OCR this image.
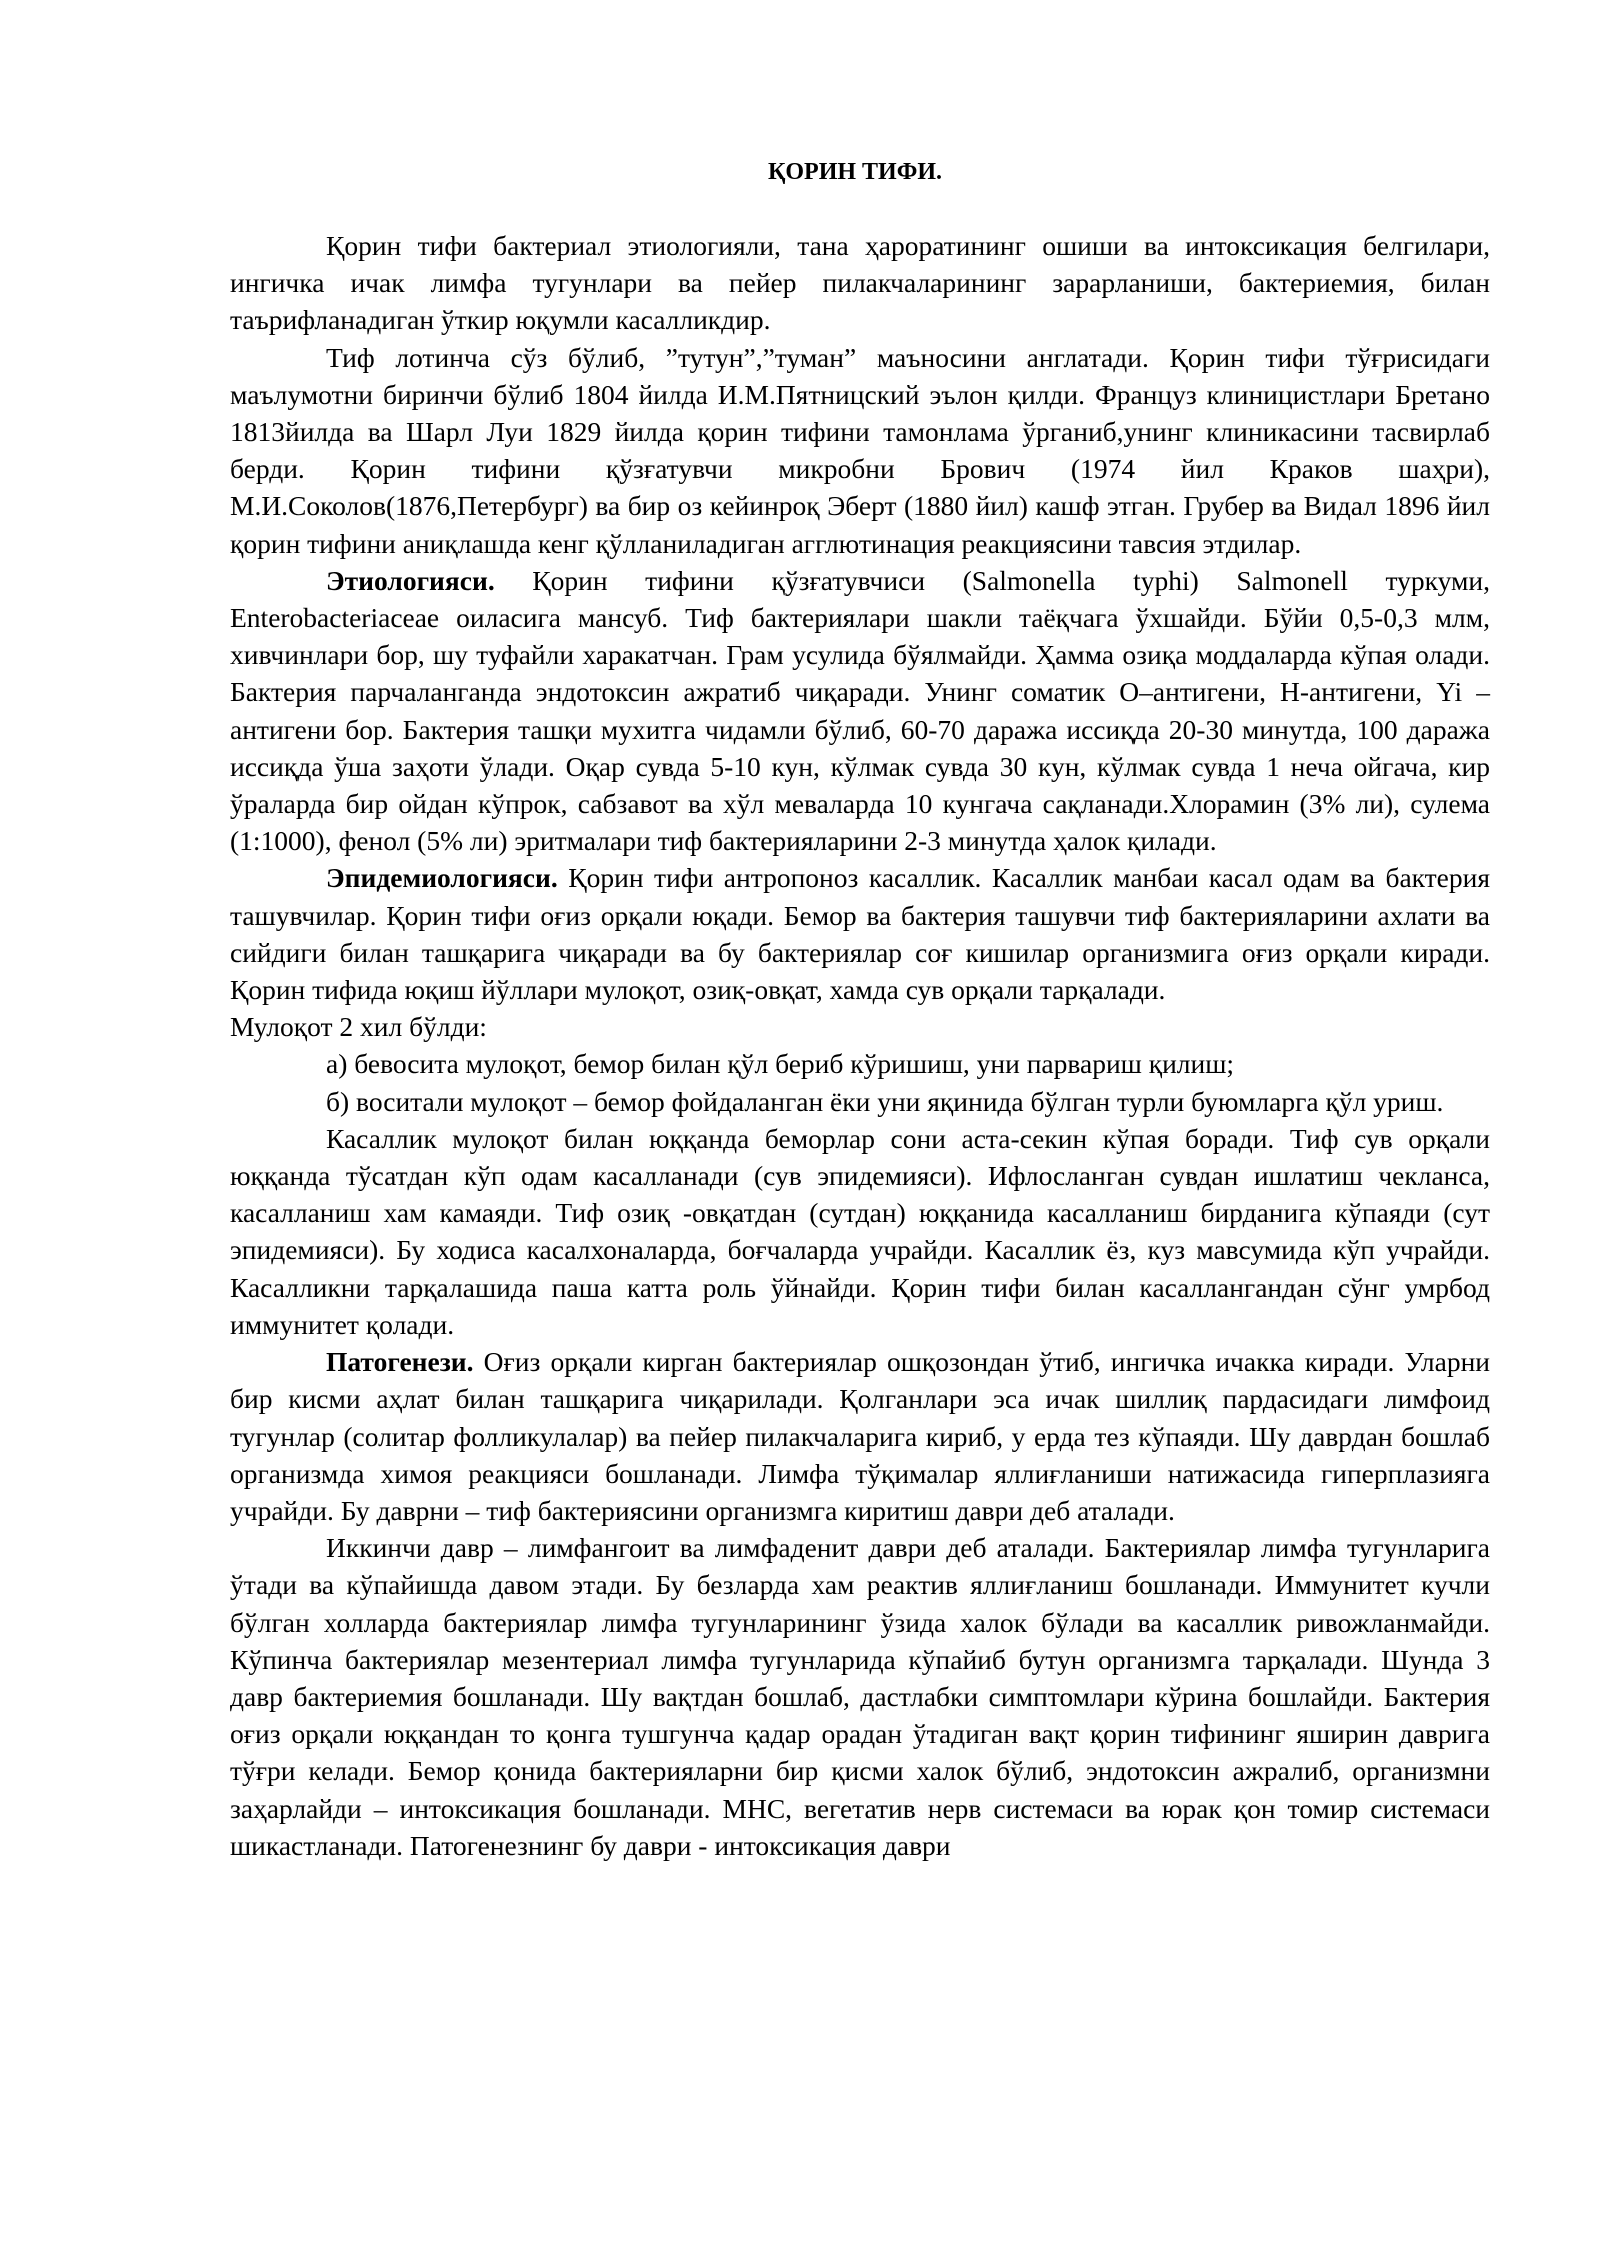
ҚОРИН ТИФИ.

Қорин тифи бактериал этиологияли, тана ҳароратининг ошиши ва интоксикация белгилари, ингичка ичак лимфа тугунлари ва пейер пилакчаларининг зарарланиши, бактериемия, билан таърифланадиган ўткир юқумли касалликдир.

Тиф лотинча сўз бўлиб, ”тутун”,”туман” маъносини англатади. Қорин тифи тўғрисидаги маълумотни биринчи бўлиб 1804 йилда И.М.Пятницский эълон қилди. Француз клиницистлари Бретано 1813йилда ва Шарл Луи 1829 йилда қорин тифини тамонлама ўрганиб,унинг клиникасини тасвирлаб берди. Қорин тифини қўзғатувчи микробни Брович (1974 йил Краков шаҳри), М.И.Соколов(1876,Петербург) ва бир оз кейинроқ Эберт (1880 йил) кашф этган. Грубер ва Видал 1896 йил қорин тифини аниқлашда кенг қўлланиладиган агглютинация реакциясини тавсия этдилар.

Этиологияси. Қорин тифини қўзғатувчиси (Salmonella typhi) Salmonell туркуми, Enterobacteriaceae оиласига мансуб. Тиф бактериялари шакли таёқчага ўхшайди. Бўйи 0,5-0,3 млм, хивчинлари бор, шу туфайли харакатчан. Грам усулида бўялмайди. Ҳамма озиқа моддаларда кўпая олади. Бактерия парчаланганда эндотоксин ажратиб чиқаради. Унинг соматик О–антигени, Н-антигени, Yi – антигени бор. Бактерия ташқи мухитга чидамли бўлиб, 60-70 даража иссиқда 20-30 минутда, 100 даража иссиқда ўша заҳоти ўлади. Оқар сувда 5-10 кун, кўлмак сувда 30 кун, кўлмак сувда 1 неча ойгача, кир ўраларда бир ойдан кўпрок, сабзавот ва хўл меваларда 10 кунгача сақланади.Хлорамин (3% ли), сулема (1:1000), фенол (5% ли) эритмалари тиф бактерияларини 2-3 минутда ҳалок қилади.

Эпидемиологияси. Қорин тифи антропоноз касаллик. Касаллик манбаи касал одам ва бактерия ташувчилар. Қорин тифи оғиз орқали юқади. Бемор ва бактерия ташувчи тиф бактерияларини ахлати ва сийдиги билан ташқарига чиқаради ва бу бактериялар соғ кишилар организмига оғиз орқали киради. Қорин тифида юқиш йўллари мулоқот, озиқ-овқат, хамда сув орқали тарқалади.

Мулоқот 2 хил бўлди:

а) бевосита мулоқот, бемор билан қўл бериб кўришиш, уни парвариш қилиш;

б) воситали мулоқот – бемор фойдаланган ёки уни яқинида бўлган турли буюмларга қўл уриш.

Касаллик мулоқот билан юққанда беморлар сони аста-секин кўпая боради. Тиф сув орқали юққанда тўсатдан кўп одам касалланади (сув эпидемияси). Ифлосланган сувдан ишлатиш чекланса, касалланиш хам камаяди. Тиф озиқ -овқатдан (сутдан) юққанида касалланиш бирданига кўпаяди (сут эпидемияси). Бу ходиса касалхоналарда, боғчаларда учрайди. Касаллик ёз, куз мавсумида кўп учрайди. Касалликни тарқалашида паша катта роль ўйнайди. Қорин тифи билан касаллангандан сўнг умрбод иммунитет қолади.

Патогенези. Оғиз орқали кирган бактериялар ошқозондан ўтиб, ингичка ичакка киради. Уларни бир кисми аҳлат билан ташқарига чиқарилади. Қолганлари эса ичак шиллиқ пардасидаги лимфоид тугунлар (солитар фолликулалар) ва пейер пилакчаларига кириб, у ерда тез кўпаяди. Шу даврдан бошлаб организмда химоя реакцияси бошланади. Лимфа тўқималар яллиғланиши натижасида гиперплазияга учрайди. Бу даврни – тиф бактериясини организмга киритиш даври деб аталади.

Иккинчи давр – лимфангоит ва лимфаденит даври деб аталади. Бактериялар лимфа тугунларига ўтади ва кўпайишда давом этади. Бу безларда хам реактив яллиғланиш бошланади. Иммунитет кучли бўлган холларда бактериялар лимфа тугунларининг ўзида халок бўлади ва касаллик ривожланмайди. Кўпинча бактериялар мезентериал лимфа тугунларида кўпайиб бутун организмга тарқалади. Шунда 3 давр бактериемия бошланади. Шу вақтдан бошлаб, дастлабки симптомлари кўрина бошлайди. Бактерия оғиз орқали юққандан то қонга тушгунча қадар орадан ўтадиган вақт қорин тифининг яширин даврига тўғри келади. Бемор қонида бактерияларни бир қисми халок бўлиб, эндотоксин ажралиб, организмни заҳарлайди – интоксикация бошланади. МНС, вегетатив нерв системаси ва юрак қон томир системаси шикастланади. Патогенезнинг бу даври - интоксикация даври
